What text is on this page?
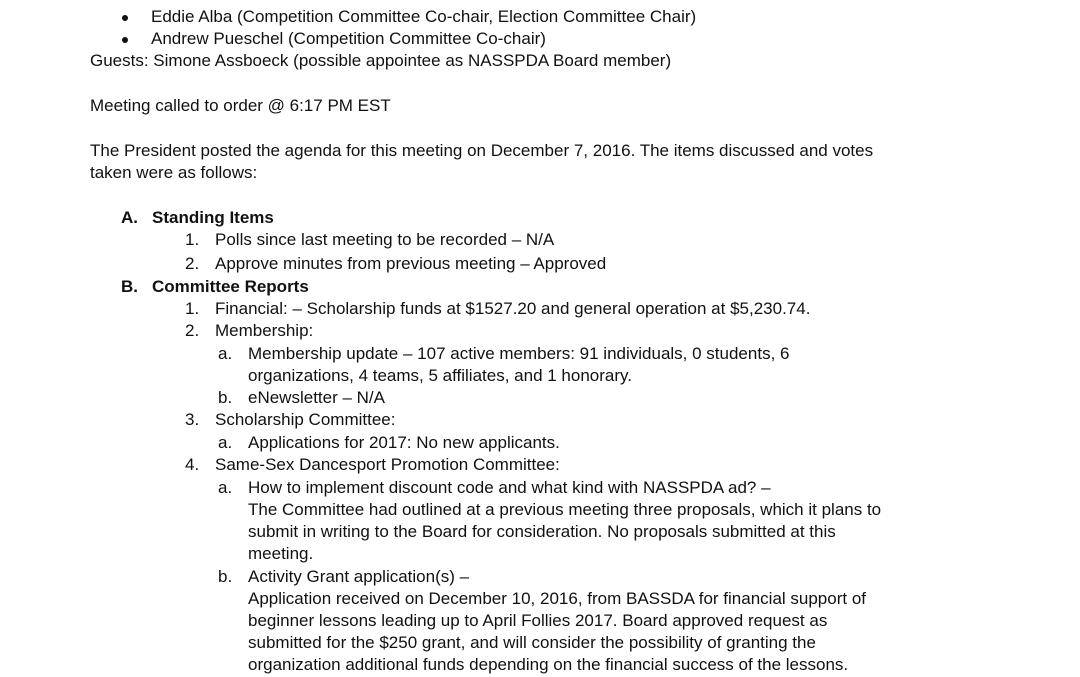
Eddie Alba (Competition Committee Co-chair, Election Committee Chair)
Andrew Pueschel (Competition Committee Co-chair)
Guests: Simone Assboeck (possible appointee as NASSPDA Board member)
Meeting called to order @ 6:17 PM EST
The President posted the agenda for this meeting on December 7, 2016. The items discussed and votes
taken were as follows:
A. Standing Items
1. Polls since last meeting to be recorded – N/A
2. Approve minutes from previous meeting – Approved
B. Committee Reports
1. Financial: – Scholarship funds at $1527.20 and general operation at $5,230.74.
2. Membership:
a. Membership update – 107 active members: 91 individuals, 0 students, 6
organizations, 4 teams, 5 affiliates, and 1 honorary.
b. eNewsletter – N/A
3. Scholarship Committee:
a. Applications for 2017: No new applicants.
4. Same-Sex Dancesport Promotion Committee:
a. How to implement discount code and what kind with NASSPDA ad? –
The Committee had outlined at a previous meeting three proposals, which it plans to
submit in writing to the Board for consideration. No proposals submitted at this
meeting.
b. Activity Grant application(s) –
Application received on December 10, 2016, from BASSDA for financial support of
beginner lessons leading up to April Follies 2017. Board approved request as
submitted for the $250 grant, and will consider the possibility of granting the
organization additional funds depending on the financial success of the lessons.
